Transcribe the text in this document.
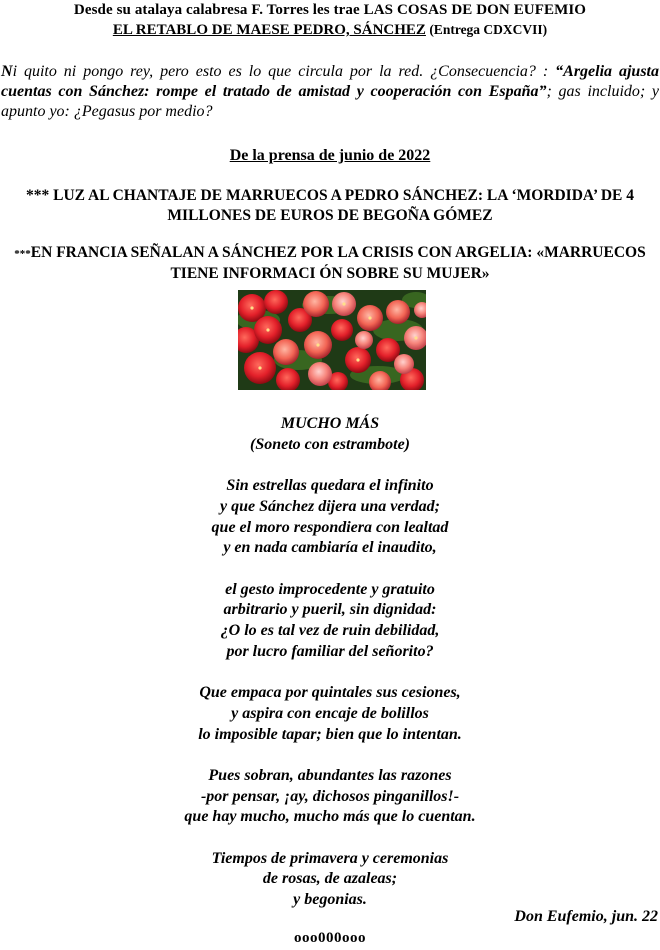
Desde su atalaya calabresa F. Torres les trae LAS COSAS DE DON EUFEMIO
EL RETABLO DE MAESE PEDRO, SÁNCHEZ (Entrega CDXCVII)
Ni quito ni pongo rey, pero esto es lo que circula por la red. ¿Consecuencia? : “Argelia ajusta cuentas con Sánchez: rompe el tratado de amistad y cooperación con España”; gas incluido; y apunto yo: ¿Pegasus por medio?
De la prensa de junio de 2022
*** LUZ AL CHANTAJE DE MARRUECOS A PEDRO SÁNCHEZ: LA ‘MORDIDA’ DE 4
MILLONES DE EUROS DE BEGOÑA GÓMEZ
***EN FRANCIA SEÑALAN A SÁNCHEZ POR LA CRISIS CON ARGELIA: «MARRUECOS
TIENE INFORMACI ÓN SOBRE SU MUJER»
MUCHO MÁS
(Soneto con estrambote)
Sin estrellas quedara el infinito
y que Sánchez dijera una verdad;
que el moro respondiera con lealtad
y en nada cambiaría el inaudito,
el gesto improcedente y gratuito
arbitrario y pueril, sin dignidad:
¿O lo es tal vez de ruin debilidad,
por lucro familiar del señorito?
Que empaca por quintales sus cesiones,
y aspira con encaje de bolillos
lo imposible tapar; bien que lo intentan.
Pues sobran, abundantes las razones
-por pensar, ¡ay, dichosos pinganillos!-
que hay mucho, mucho más que lo cuentan.
Tiempos de primavera y ceremonias
de rosas, de azaleas;
y begonias.
Don Eufemio, jun. 22
ooo000ooo
